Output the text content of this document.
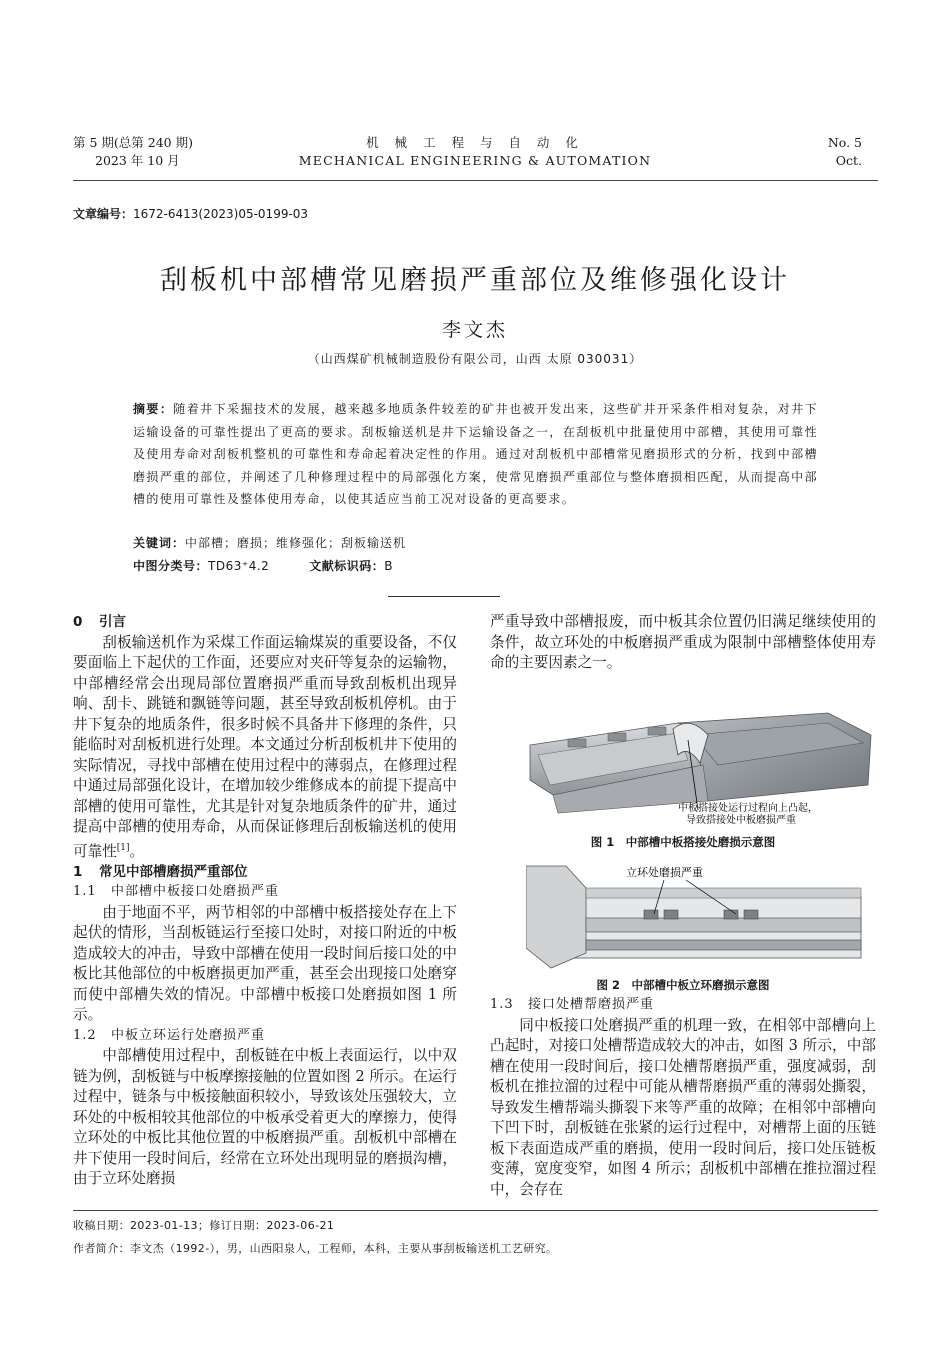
第 5 期(总第 240 期)
2023 年 10 月
机 械 工 程 与 自 动 化
MECHANICAL ENGINEERING & AUTOMATION
No. 5
Oct.
文章编号：1672-6413(2023)05-0199-03
刮板机中部槽常见磨损严重部位及维修强化设计
李文杰
（山西煤矿机械制造股份有限公司，山西 太原 030031）
摘要：随着井下采掘技术的发展，越来越多地质条件较差的矿井也被开发出来，这些矿井开采条件相对复杂，对井下运输设备的可靠性提出了更高的要求。刮板输送机是井下运输设备之一，在刮板机中批量使用中部槽，其使用可靠性及使用寿命对刮板机整机的可靠性和寿命起着决定性的作用。通过对刮板机中部槽常见磨损形式的分析，找到中部槽磨损严重的部位，并阐述了几种修理过程中的局部强化方案，使常见磨损严重部位与整体磨损相匹配，从而提高中部槽的使用可靠性及整体使用寿命，以使其适应当前工况对设备的更高要求。
关键词：中部槽；磨损；维修强化；刮板输送机
中图分类号：TD63⁺4.2	文献标识码：B

0 引言

刮板输送机作为采煤工作面运输煤炭的重要设备，不仅要面临上下起伏的工作面，还要应对夹矸等复杂的运输物，中部槽经常会出现局部位置磨损严重而导致刮板机出现异响、刮卡、跳链和飘链等问题，甚至导致刮板机停机。由于井下复杂的地质条件，很多时候不具备井下修理的条件，只能临时对刮板机进行处理。本文通过分析刮板机井下使用的实际情况，寻找中部槽在使用过程中的薄弱点，在修理过程中通过局部强化设计，在增加较少维修成本的前提下提高中部槽的使用可靠性，尤其是针对复杂地质条件的矿井，通过提高中部槽的使用寿命，从而保证修理后刮板输送机的使用可靠性[1]。

1 常见中部槽磨损严重部位

1.1 中部槽中板接口处磨损严重

由于地面不平，两节相邻的中部槽中板搭接处存在上下起伏的情形，当刮板链运行至接口处时，对接口附近的中板造成较大的冲击，导致中部槽在使用一段时间后接口处的中板比其他部位的中板磨损更加严重，甚至会出现接口处磨穿而使中部槽失效的情况。中部槽中板接口处磨损如图 1 所示。

1.2 中板立环运行处磨损严重

中部槽使用过程中，刮板链在中板上表面运行，以中双链为例，刮板链与中板摩擦接触的位置如图 2 所示。在运行过程中，链条与中板接触面积较小，导致该处压强较大，立环处的中板相较其他部位的中板承受着更大的摩擦力，使得立环处的中板比其他位置的中板磨损严重。刮板机中部槽在井下使用一段时间后，经常在立环处出现明显的磨损沟槽，由于立环处磨损

严重导致中部槽报废，而中板其余位置仍旧满足继续使用的条件，故立环处的中板磨损严重成为限制中部槽整体使用寿命的主要因素之一。

中板搭接处运行过程向上凸起，
导致搭接处中板磨损严重
图 1　中部槽中板搭接处磨损示意图
立环处磨损严重
图 2　中部槽中板立环磨损示意图

1.3 接口处槽帮磨损严重

同中板接口处磨损严重的机理一致，在相邻中部槽向上凸起时，对接口处槽帮造成较大的冲击，如图 3 所示，中部槽在使用一段时间后，接口处槽帮磨损严重，强度减弱，刮板机在推拉溜的过程中可能从槽帮磨损严重的薄弱处撕裂，导致发生槽帮端头撕裂下来等严重的故障；在相邻中部槽向下凹下时，刮板链在张紧的运行过程中，对槽帮上面的压链板下表面造成严重的磨损，使用一段时间后，接口处压链板变薄，宽度变窄，如图 4 所示；刮板机中部槽在推拉溜过程中，会存在

收稿日期：2023-01-13；修订日期：2023-06-21
作者简介：李文杰（1992-），男，山西阳泉人，工程师，本科，主要从事刮板输送机工艺研究。
